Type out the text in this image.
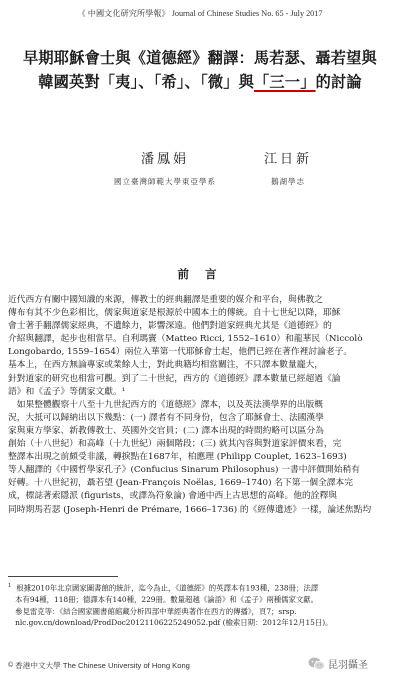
《 中國文化研究所學報》 Journal of Chinese Studies No. 65 - July 2017
早期耶穌會士與《道德經》翻譯：馬若瑟、聶若望與
韓國英對「夷」、「希」、「微」與「三一」的討論
潘鳳娟
國立臺灣師範大學東亞學系
江日新
鵝湖學志
前 言
近代西方有關中國知識的來源，傳教士的經典翻譯是重要的媒介和平台，與佛教之
傳布有其不少色彩相比，儒家與道家是根源於中國本土的傳統。自十七世紀以降，耶穌
會士著手翻譯儒家經典，不遺餘力，影響深遠。他們對道家經典尤其是《道德經》的
介紹與翻譯，起步也相當早。自利瑪竇（Matteo Ricci, 1552–1610）和龍華民（Niccolò
Longobardo, 1559–1654）兩位入華第一代耶穌會士起，他們已經在著作裡討論老子。
基本上，在西方無論專家或業餘人士，對此典籍均相當關注，不只譯本數量龐大，
針對道家的研究也相當可觀。到了二十世紀，西方的《道德經》譯本數量已經超過《論
語》和《孟子》等儒家文獻。¹
　如果整體觀察十八至十九世紀西方的《道德經》譯本，以及英法漢學界的出版概
況，大抵可以歸納出以下幾點：(一) 譯者有不同身份，包含了耶穌會士、法國漢學
家與東方學家、新教傳教士、英國外交官員；(二) 譯本出現的時間約略可以區分為
創始（十八世紀）和高峰（十九世紀）兩個階段；(三) 就其內容與對道家評價來看，完
整譯本出現之前頗受非議，轉捩點在1687年，柏應理 (Philipp Couplet, 1623–1693)
等人翻譯的《中國哲學家孔子》(Confucius Sinarum Philosophus) 一書中評價開始稍有
好轉。十八世紀初，聶若望 (Jean-François Noëlas, 1669–1740) 名下第一個全譯本完
成，標誌著索隱派 (figurists，或譯為符象論) 會通中西上古思想的高峰。他的詮釋與
同時期馬若瑟 (Joseph-Henri de Prémare, 1666–1736) 的《經傳遺迹》一樣，論述焦點均
$^1$ 根據2010年北京國家圖書館的統計，迄今為止，《道德經》的英譯本有193種，238冊；法譯
本有94種，118冊；德譯本有140種，229冊。數量超越《論語》和《孟子》兩種儒家文獻。
參見雷克等：《結合國家圖書館館藏分析四部中華經典著作在西方的傳播》，頁7；srsp.
nlc.gov.cn/download/ProdDoc20121106225249052.pdf (檢索日期：2012年12月15日)。
© 香港中文大學 The Chinese University of Hong Kong	昆羽攝圣
